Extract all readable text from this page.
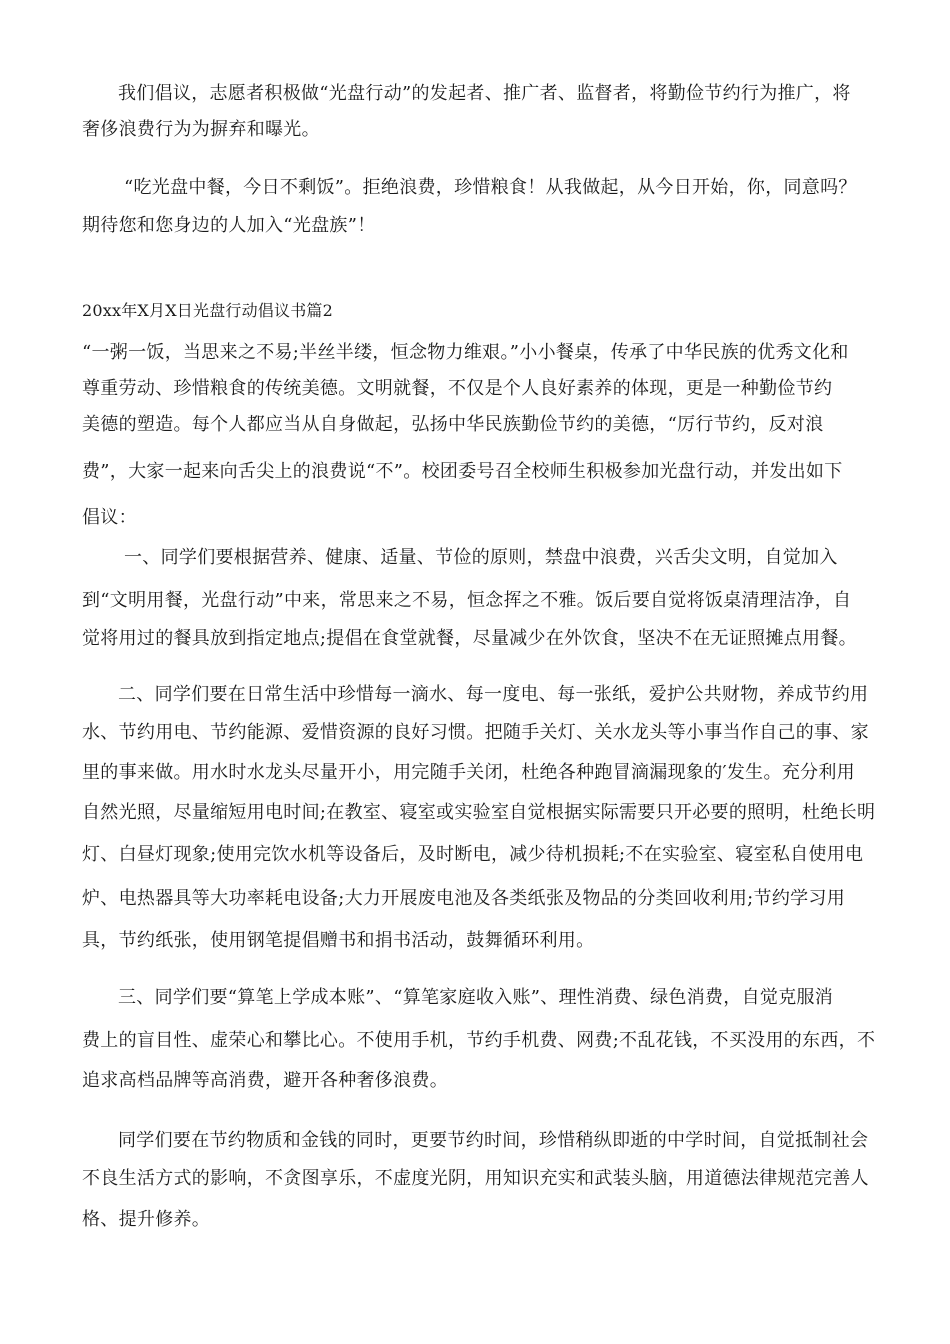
我们倡议，志愿者积极做“光盘行动”的发起者、推广者、监督者，将勤俭节约行为推广，将
奢侈浪费行为为摒弃和曝光。
“吃光盘中餐，今日不剩饭”。拒绝浪费，珍惜粮食！从我做起，从今日开始，你，同意吗？
期待您和您身边的人加入“光盘族”！
20xx年X月X日光盘行动倡议书篇2
“一粥一饭，当思来之不易;半丝半缕，恒念物力维艰。”小小餐桌，传承了中华民族的优秀文化和
尊重劳动、珍惜粮食的传统美德。文明就餐，不仅是个人良好素养的体现，更是一种勤俭节约
美德的塑造。每个人都应当从自身做起，弘扬中华民族勤俭节约的美德，“厉行节约，反对浪
费”，大家一起来向舌尖上的浪费说“不”。校团委号召全校师生积极参加光盘行动，并发出如下
倡议：
一、同学们要根据营养、健康、适量、节俭的原则，禁盘中浪费，兴舌尖文明，自觉加入
到“文明用餐，光盘行动”中来，常思来之不易，恒念挥之不雅。饭后要自觉将饭桌清理洁净，自
觉将用过的餐具放到指定地点;提倡在食堂就餐，尽量减少在外饮食，坚决不在无证照摊点用餐。
二、同学们要在日常生活中珍惜每一滴水、每一度电、每一张纸，爱护公共财物，养成节约用
水、节约用电、节约能源、爱惜资源的良好习惯。把随手关灯、关水龙头等小事当作自己的事、家
里的事来做。用水时水龙头尽量开小，用完随手关闭，杜绝各种跑冒滴漏现象的′发生。充分利用
自然光照，尽量缩短用电时间;在教室、寝室或实验室自觉根据实际需要只开必要的照明，杜绝长明
灯、白昼灯现象;使用完饮水机等设备后，及时断电，减少待机损耗;不在实验室、寝室私自使用电
炉、电热器具等大功率耗电设备;大力开展废电池及各类纸张及物品的分类回收利用;节约学习用
具，节约纸张，使用钢笔提倡赠书和捐书活动，鼓舞循环利用。
三、同学们要“算笔上学成本账”、“算笔家庭收入账”、理性消费、绿色消费，自觉克服消
费上的盲目性、虚荣心和攀比心。不使用手机，节约手机费、网费;不乱花钱，不买没用的东西，不
追求高档品牌等高消费，避开各种奢侈浪费。
同学们要在节约物质和金钱的同时，更要节约时间，珍惜稍纵即逝的中学时间，自觉抵制社会
不良生活方式的影响，不贪图享乐，不虚度光阴，用知识充实和武装头脑，用道德法律规范完善人
格、提升修养。
